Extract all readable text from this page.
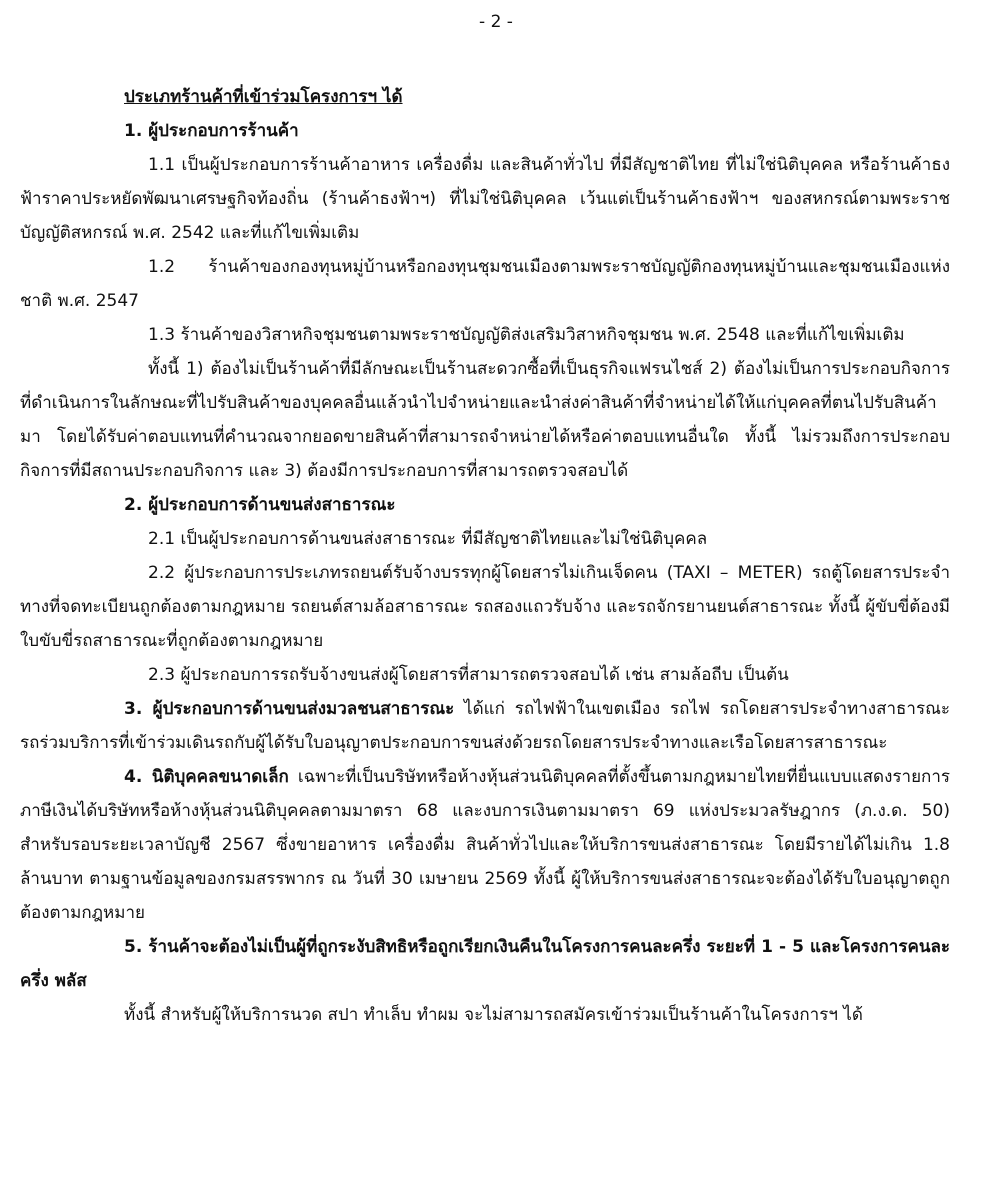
- 2 -

ประเภทร้านค้าที่เข้าร่วมโครงการฯ ได้

1. ผู้ประกอบการร้านค้า

1.1 เป็นผู้ประกอบการร้านค้าอาหาร เครื่องดื่ม และสินค้าทั่วไป ที่มีสัญชาติไทย ที่ไม่ใช่นิติบุคคล หรือร้านค้าธงฟ้าราคาประหยัดพัฒนาเศรษฐกิจท้องถิ่น (ร้านค้าธงฟ้าฯ) ที่ไม่ใช่นิติบุคคล เว้นแต่เป็นร้านค้าธงฟ้าฯ ของสหกรณ์ตามพระราชบัญญัติสหกรณ์ พ.ศ. 2542 และที่แก้ไขเพิ่มเติม

1.2 ร้านค้าของกองทุนหมู่บ้านหรือกองทุนชุมชนเมืองตามพระราชบัญญัติกองทุนหมู่บ้านและชุมชนเมืองแห่งชาติ พ.ศ. 2547

1.3 ร้านค้าของวิสาหกิจชุมชนตามพระราชบัญญัติส่งเสริมวิสาหกิจชุมชน พ.ศ. 2548 และที่แก้ไขเพิ่มเติม

ทั้งนี้ 1) ต้องไม่เป็นร้านค้าที่มีลักษณะเป็นร้านสะดวกซื้อที่เป็นธุรกิจแฟรนไชส์ 2) ต้องไม่เป็นการประกอบกิจการที่ดำเนินการในลักษณะที่ไปรับสินค้าของบุคคลอื่นแล้วนำไปจำหน่ายและนำส่งค่าสินค้าที่จำหน่ายได้ให้แก่บุคคลที่ตนไปรับสินค้ามา โดยได้รับค่าตอบแทนที่คำนวณจากยอดขายสินค้าที่สามารถจำหน่ายได้หรือค่าตอบแทนอื่นใด ทั้งนี้ ไม่รวมถึงการประกอบกิจการที่มีสถานประกอบกิจการ และ 3) ต้องมีการประกอบการที่สามารถตรวจสอบได้

2. ผู้ประกอบการด้านขนส่งสาธารณะ

2.1 เป็นผู้ประกอบการด้านขนส่งสาธารณะ ที่มีสัญชาติไทยและไม่ใช่นิติบุคคล

2.2 ผู้ประกอบการประเภทรถยนต์รับจ้างบรรทุกผู้โดยสารไม่เกินเจ็ดคน (TAXI – METER) รถตู้โดยสารประจำทางที่จดทะเบียนถูกต้องตามกฎหมาย รถยนต์สามล้อสาธารณะ รถสองแถวรับจ้าง และรถจักรยานยนต์สาธารณะ ทั้งนี้ ผู้ขับขี่ต้องมีใบขับขี่รถสาธารณะที่ถูกต้องตามกฎหมาย

2.3 ผู้ประกอบการรถรับจ้างขนส่งผู้โดยสารที่สามารถตรวจสอบได้ เช่น สามล้อถีบ เป็นต้น

3. ผู้ประกอบการด้านขนส่งมวลชนสาธารณะ ได้แก่ รถไฟฟ้าในเขตเมือง รถไฟ รถโดยสารประจำทางสาธารณะ รถร่วมบริการที่เข้าร่วมเดินรถกับผู้ได้รับใบอนุญาตประกอบการขนส่งด้วยรถโดยสารประจำทางและเรือโดยสารสาธารณะ

4. นิติบุคคลขนาดเล็ก เฉพาะที่เป็นบริษัทหรือห้างหุ้นส่วนนิติบุคคลที่ตั้งขึ้นตามกฎหมายไทยที่ยื่นแบบแสดงรายการภาษีเงินได้บริษัทหรือห้างหุ้นส่วนนิติบุคคลตามมาตรา 68 และงบการเงินตามมาตรา 69 แห่งประมวลรัษฎากร (ภ.ง.ด. 50) สำหรับรอบระยะเวลาบัญชี 2567 ซึ่งขายอาหาร เครื่องดื่ม สินค้าทั่วไปและให้บริการขนส่งสาธารณะ โดยมีรายได้ไม่เกิน 1.8 ล้านบาท ตามฐานข้อมูลของกรมสรรพากร ณ วันที่ 30 เมษายน 2569 ทั้งนี้ ผู้ให้บริการขนส่งสาธารณะจะต้องได้รับใบอนุญาตถูกต้องตามกฎหมาย

5. ร้านค้าจะต้องไม่เป็นผู้ที่ถูกระงับสิทธิหรือถูกเรียกเงินคืนในโครงการคนละครึ่ง ระยะที่ 1 - 5 และโครงการคนละครึ่ง พลัส

ทั้งนี้ สำหรับผู้ให้บริการนวด สปา ทำเล็บ ทำผม จะไม่สามารถสมัครเข้าร่วมเป็นร้านค้าในโครงการฯ ได้
